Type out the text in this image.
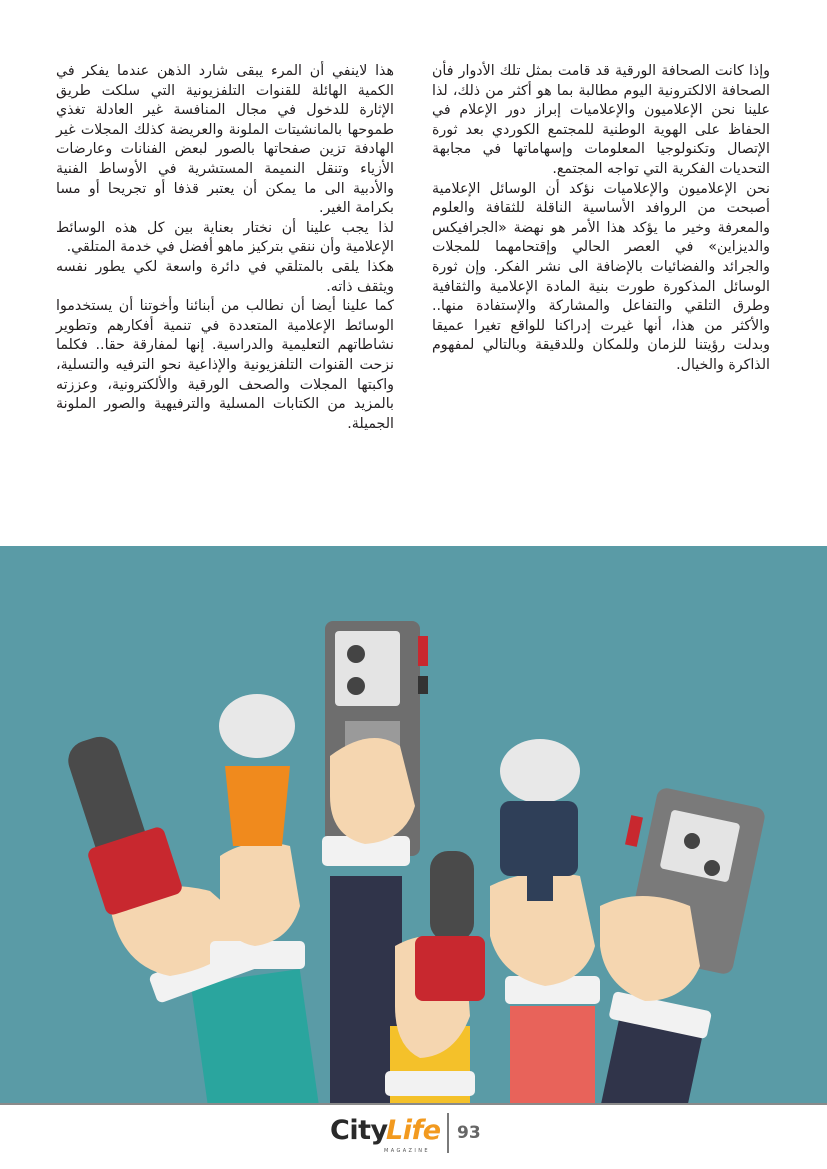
وإذا كانت الصحافة الورقية قد قامت بمثل تلك الأدوار فأن الصحافة الالكترونية اليوم مطالبة بما هو أكثر من ذلك، لذا علينا نحن الإعلاميون والإعلاميات إبراز دور الإعلام في الحفاظ على الهوية الوطنية للمجتمع الكوردي بعد ثورة الإتصال وتكنولوجيا المعلومات وإسهاماتها في مجابهة التحديات الفكرية التي تواجه المجتمع.

نحن الإعلاميون والإعلاميات نؤكد أن الوسائل الإعلامية أصبحت من الروافد الأساسية الناقلة للثقافة والعلوم والمعرفة وخير ما يؤكد هذا الأمر هو نهضة «الجرافيكس والديزاين» في العصر الحالي وإقتحامهما للمجلات والجرائد والفضائيات بالإضافة الى نشر الفكر. وإن ثورة الوسائل المذكورة طورت بنية المادة الإعلامية والثقافية وطرق التلقي والتفاعل والمشاركة والإستفادة منها.. والأكثر من هذا، أنها غيرت إدراكنا للواقع تغيرا عميقا وبدلت رؤيتنا للزمان وللمكان وللدقيقة وبالتالي لمفهوم الذاكرة والخيال.

هذا لاينفي أن المرء يبقى شارد الذهن عندما يفكر في الكمية الهائلة للقنوات التلفزيونية التي سلكت طريق الإثارة للدخول في مجال المنافسة غير العادلة تغذي طموحها بالمانشيتات الملونة والعريضة كذلك المجلات غير الهادفة تزين صفحاتها بالصور لبعض الفنانات وعارضات الأزياء وتنقل النميمة المستشرية في الأوساط الفنية والأدبية الى ما يمكن أن يعتبر قذفا أو تجريحا أو مسا بكرامة الغير.

لذا يجب علينا أن نختار بعناية بين كل هذه الوسائط الإعلامية وأن ننقي بتركيز ماهو أفضل في خدمة المتلقي.

هكذا يلقى بالمتلقي في دائرة واسعة لكي يطور نفسه ويثقف ذاته.

كما علينا أيضا أن نطالب من أبنائنا وأخوتنا أن يستخدموا الوسائط الإعلامية المتعددة في تنمية أفكارهم وتطوير نشاطاتهم التعليمية والدراسية. إنها لمفارقة حقا.. فكلما نزحت القنوات التلفزيونية والإذاعية نحو الترفيه والتسلية، واكبتها المجلات والصحف الورقية والألكترونية، وعززته بالمزيد من الكتابات المسلية والترفيهية والصور الملونة الجميلة.

City
Life
MAGAZINE
93
